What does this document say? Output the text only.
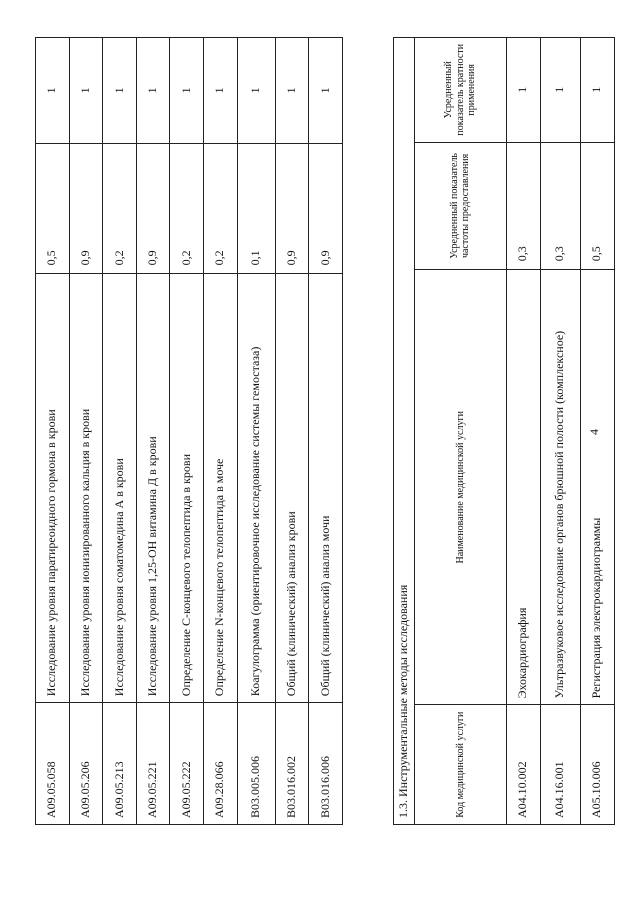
4
A09.05.058	Исследование уровня паратиреоидного гормона в крови	0,5	1
A09.05.206	Исследование уровня ионизированного кальция в крови	0,9	1
A09.05.213	Исследование уровня соматомедина А в крови	0,2	1
A09.05.221	Исследование уровня 1,25-OH витамина Д в крови	0,9	1
A09.05.222	Определение С-концевого телопептида в крови	0,2	1
A09.28.066	Определение N-концевого телопептида в моче	0,2	1
B03.005.006	Коагулограмма (ориентировочное исследование системы гемостаза)	0,1	1
B03.016.002	Общий (клинический) анализ крови	0,9	1
B03.016.006	Общий (клинический) анализ мочи	0,9	1
1.3. Инструментальные методы исследования			
Код медицинской услуги	Наименование медицинской услуги	Усредненный показатель частоты предоставления	Усредненный показатель кратности применения
A04.10.002	Эхокардиография	0,3	1
A04.16.001	Ультразвуковое исследование органов брюшной полости (комплексное)	0,3	1
A05.10.006	Регистрация электрокардиограммы	0,5	1
